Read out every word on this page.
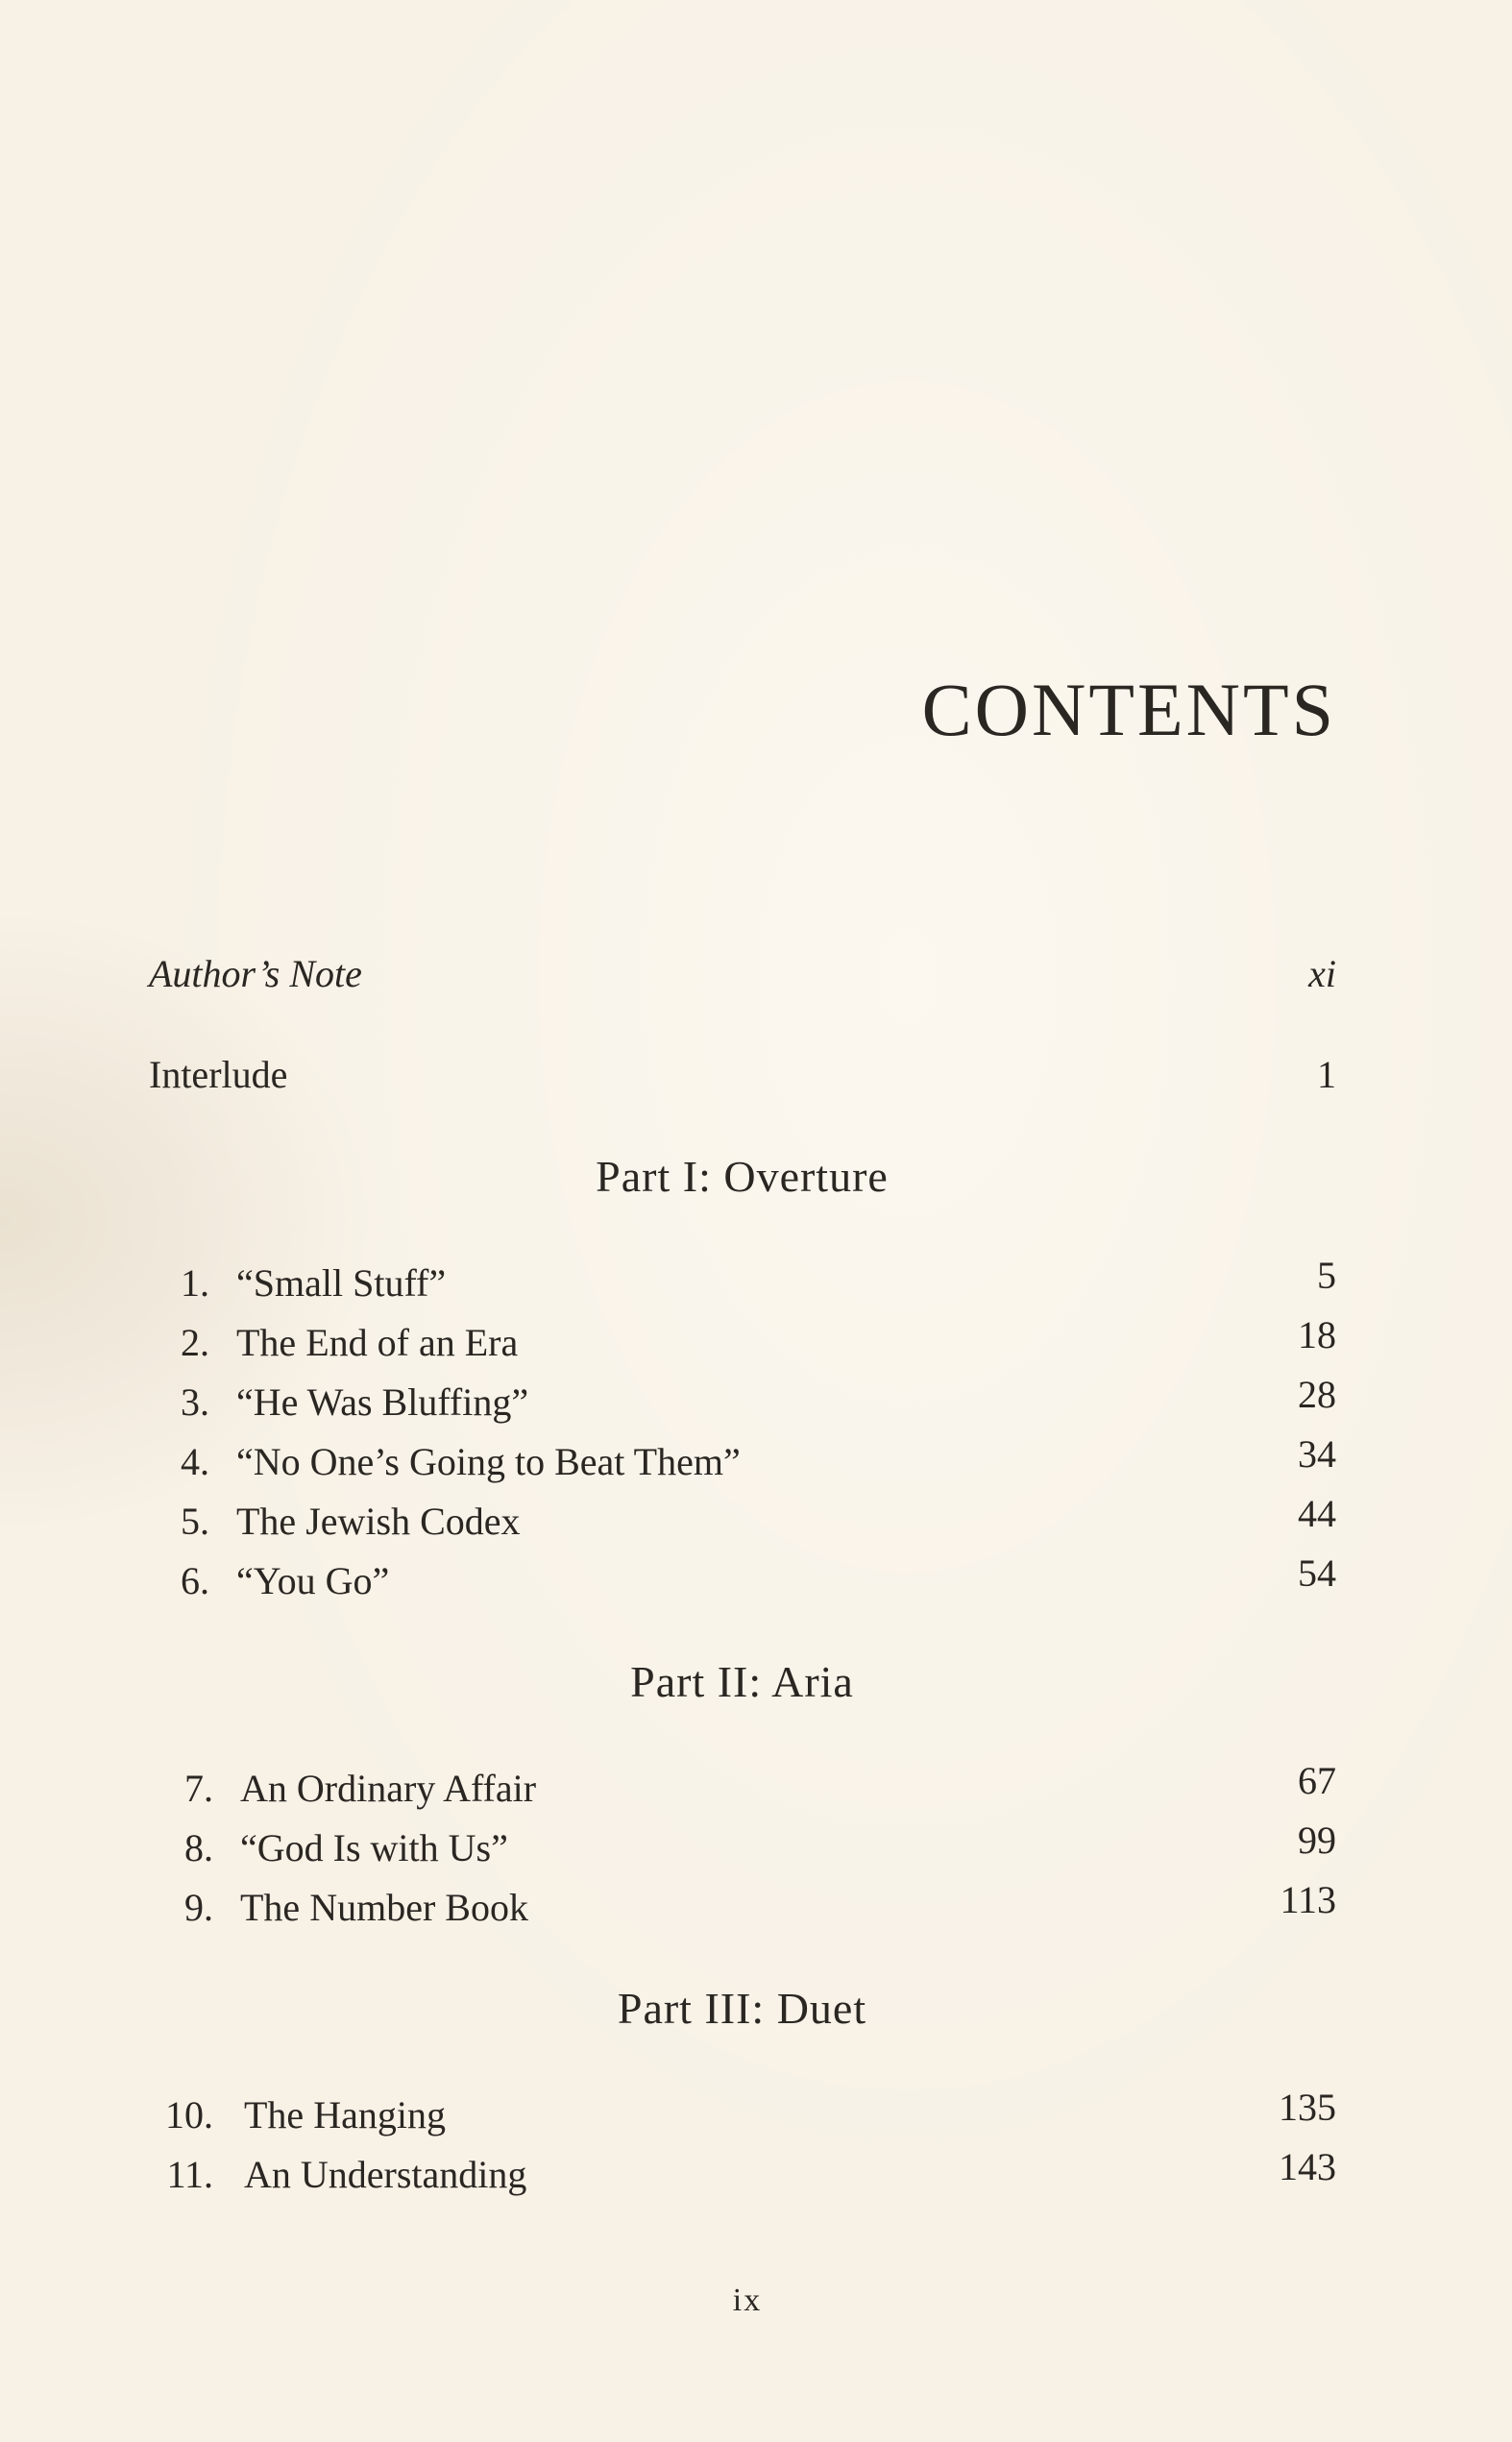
CONTENTS
Author’s Note	xi
Interlude	1
Part I: Overture
1. “Small Stuff”	5
2. The End of an Era	18
3. “He Was Bluffing”	28
4. “No One’s Going to Beat Them”	34
5. The Jewish Codex	44
6. “You Go”	54
Part II: Aria
7. An Ordinary Affair	67
8. “God Is with Us”	99
9. The Number Book	113
Part III: Duet
10. The Hanging	135
11. An Understanding	143
ix
